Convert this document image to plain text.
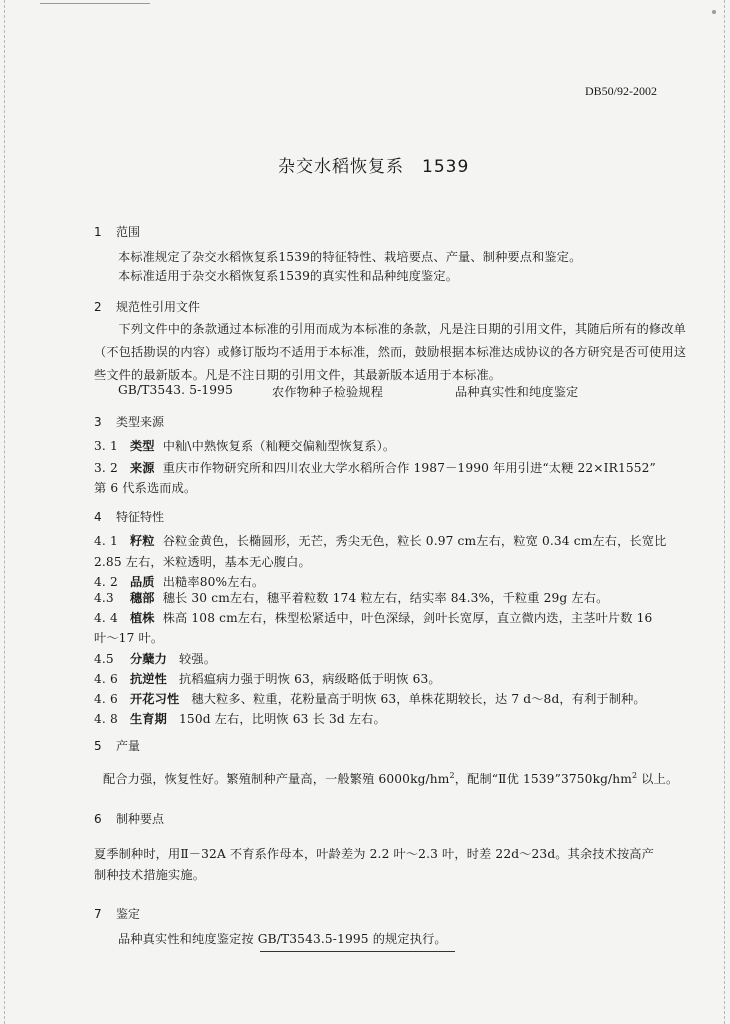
DB50/92-2002
杂交水稻恢复系　1539
1 范围
本标准规定了杂交水稻恢复系1539的特征特性、栽培要点、产量、制种要点和鉴定。
本标准适用于杂交水稻恢复系1539的真实性和品种纯度鉴定。
2 规范性引用文件
下列文件中的条款通过本标准的引用而成为本标准的条款，凡是注日期的引用文件，其随后所有的修改单（不包括勘误的内容）或修订版均不适用于本标准，然而，鼓励根据本标准达成协议的各方研究是否可使用这些文件的最新版本。凡是不注日期的引用文件，其最新版本适用于本标准。
GB/T3543. 5-1995	农作物种子检验规程	品种真实性和纯度鉴定
3 类型来源
3. 1 类型 中籼\中熟恢复系（籼粳交偏籼型恢复系）。
3. 2 来源 重庆市作物研究所和四川农业大学水稻所合作 1987－1990 年用引进“太粳 22×IR1552”
第 6 代系选而成。
4 特征特性
4. 1 籽粒 谷粒金黄色，长椭圆形，无芒，秀尖无色，粒长 0.97 cm左右，粒宽 0.34 cm左右，长宽比
2.85 左右，米粒透明，基本无心腹白。
4. 2 品质 出糙率80%左右。
4.3 穗部 穗长 30 cm左右，穗平着粒数 174 粒左右，结实率 84.3%，千粒重 29g 左右。
4. 4 植株 株高 108 cm左右，株型松紧适中，叶色深绿，剑叶长宽厚，直立微内迭，主茎叶片数 16
叶～17 叶。
4.5 分蘖力 较强。
4. 6 抗逆性 抗稻瘟病力强于明恢 63，病级略低于明恢 63。
4. 6 开花习性 穗大粒多、粒重，花粉量高于明恢 63，单株花期较长，达 7 d～8d，有利于制种。
4. 8 生育期 150d 左右，比明恢 63 长 3d 左右。
5 产量
配合力强，恢复性好。繁殖制种产量高，一般繁殖 $6000kg/hm^2$，配制“Ⅱ优 $1539”3750kg/hm^2$ 以上。
6 制种要点
夏季制种时，用Ⅱ－32A 不育系作母本，叶龄差为 2.2 叶～2.3 叶，时差 22d～23d。其余技术按高产
制种技术措施实施。
7 鉴定
品种真实性和纯度鉴定按 GB/T3543.5-1995 的规定执行。
